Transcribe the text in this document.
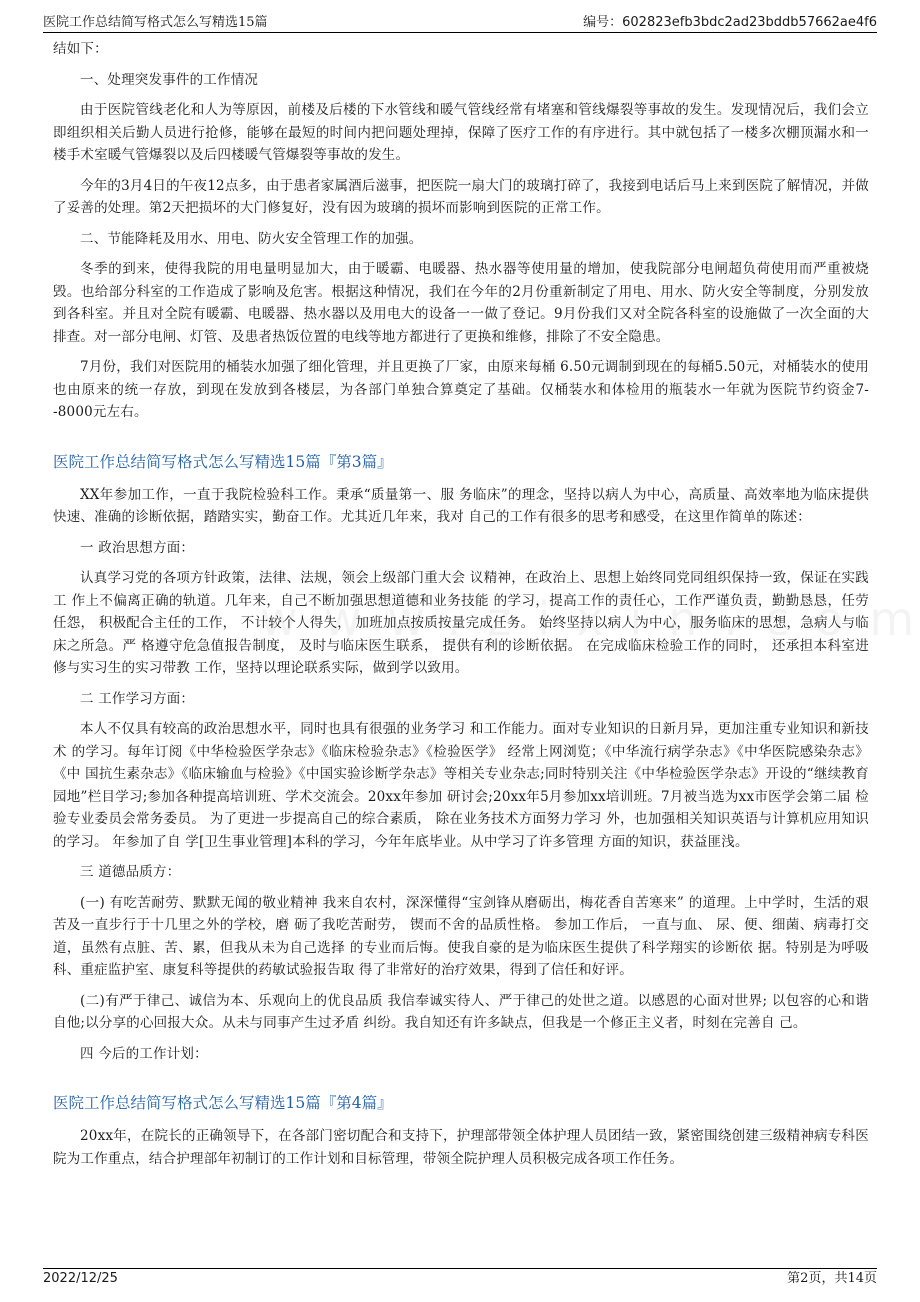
医院工作总结简写格式怎么写精选15篇	编号：602823efb3bdc2ad23bddb57662ae4f6

结如下：

一、处理突发事件的工作情况

由于医院管线老化和人为等原因，前楼及后楼的下水管线和暖气管线经常有堵塞和管线爆裂等事故的发生。发现情况后，我们会立即组织相关后勤人员进行抢修，能够在最短的时间内把问题处理掉，保障了医疗工作的有序进行。其中就包括了一楼多次棚顶漏水和一楼手术室暖气管爆裂以及后四楼暖气管爆裂等事故的发生。

今年的3月4日的午夜12点多，由于患者家属酒后滋事，把医院一扇大门的玻璃打碎了，我接到电话后马上来到医院了解情况，并做了妥善的处理。第2天把损坏的大门修复好，没有因为玻璃的损坏而影响到医院的正常工作。

二、节能降耗及用水、用电、防火安全管理工作的加强。

冬季的到来，使得我院的用电量明显加大，由于暖霸、电暖器、热水器等使用量的增加，使我院部分电闸超负荷使用而严重被烧毁。也给部分科室的工作造成了影响及危害。根据这种情况，我们在今年的2月份重新制定了用电、用水、防火安全等制度，分别发放到各科室。并且对全院有暖霸、电暖器、热水器以及用电大的设备一一做了登记。9月份我们又对全院各科室的设施做了一次全面的大排查。对一部分电闸、灯管、及患者热饭位置的电线等地方都进行了更换和维修，排除了不安全隐患。

7月份，我们对医院用的桶装水加强了细化管理，并且更换了厂家，由原来每桶 6.50元调制到现在的每桶5.50元，对桶装水的使用也由原来的统一存放，到现在发放到各楼层，为各部门单独合算奠定了基础。仅桶装水和体检用的瓶装水一年就为医院节约资金7--8000元左右。

医院工作总结简写格式怎么写精选15篇『第3篇』

XX年参加工作，一直于我院检验科工作。秉承“质量第一、服 务临床”的理念，坚持以病人为中心，高质量、高效率地为临床提供 快速、准确的诊断依据，踏踏实实，勤奋工作。尤其近几年来，我对 自己的工作有很多的思考和感受，在这里作简单的陈述：

一 政治思想方面：

认真学习党的各项方针政策，法律、法规，领会上级部门重大会 议精神，在政治上、思想上始终同党同组织保持一致，保证在实践工 作上不偏离正确的轨道。几年来，自己不断加强思想道德和业务技能 的学习，提高工作的责任心，工作严谨负责，勤勤恳恳，任劳任怨， 积极配合主任的工作， 不计较个人得失， 加班加点按质按量完成任务。 始终坚持以病人为中心，服务临床的思想，急病人与临床之所急。严 格遵守危急值报告制度， 及时与临床医生联系， 提供有利的诊断依据。 在完成临床检验工作的同时， 还承担本科室进修与实习生的实习带教 工作，坚持以理论联系实际，做到学以致用。

二 工作学习方面：

本人不仅具有较高的政治思想水平，同时也具有很强的业务学习 和工作能力。面对专业知识的日新月异，更加注重专业知识和新技术 的学习。每年订阅《中华检验医学杂志》《临床检验杂志》《检验医学》 经常上网浏览；《中华流行病学杂志》《中华医院感染杂志》《中 国抗生素杂志》《临床输血与检验》《中国实验诊断学杂志》等相关专业杂志;同时特别关注《中华检验医学杂志》开设的“继续教育园地”栏目学习;参加各种提高培训班、学术交流会。20xx年参加 研讨会;20xx年5月参加xx培训班。7月被当选为xx市医学会第二届 检验专业委员会常务委员。 为了更进一步提高自己的综合素质， 除在业务技术方面努力学习 外，也加强相关知识英语与计算机应用知识的学习。 年参加了自 学[卫生事业管理]本科的学习，今年年底毕业。从中学习了许多管理 方面的知识，获益匪浅。

三 道德品质方：

(一) 有吃苦耐劳、默默无闻的敬业精神 我来自农村，深深懂得“宝剑锋从磨砺出，梅花香自苦寒来” 的道理。上中学时，生活的艰苦及一直步行于十几里之外的学校，磨 砺了我吃苦耐劳， 锲而不舍的品质性格。 参加工作后， 一直与血、 尿、便、细菌、病毒打交道，虽然有点脏、苦、累，但我从未为自己选择 的专业而后悔。使我自豪的是为临床医生提供了科学翔实的诊断依 据。特别是为呼吸科、重症监护室、康复科等提供的药敏试验报告取 得了非常好的治疗效果，得到了信任和好评。

(二)有严于律己、诚信为本、乐观向上的优良品质 我信奉诚实待人、严于律己的处世之道。以感恩的心面对世界; 以包容的心和谐自他;以分享的心回报大众。从未与同事产生过矛盾 纠纷。我自知还有许多缺点，但我是一个修正主义者，时刻在完善自 己。

四 今后的工作计划：

医院工作总结简写格式怎么写精选15篇『第4篇』

20xx年，在院长的正确领导下，在各部门密切配合和支持下，护理部带领全体护理人员团结一致，紧密围绕创建三级精神病专科医院为工作重点，结合护理部年初制订的工作计划和目标管理，带领全院护理人员积极完成各项工作任务。

2022/12/25	第2页，共14页
